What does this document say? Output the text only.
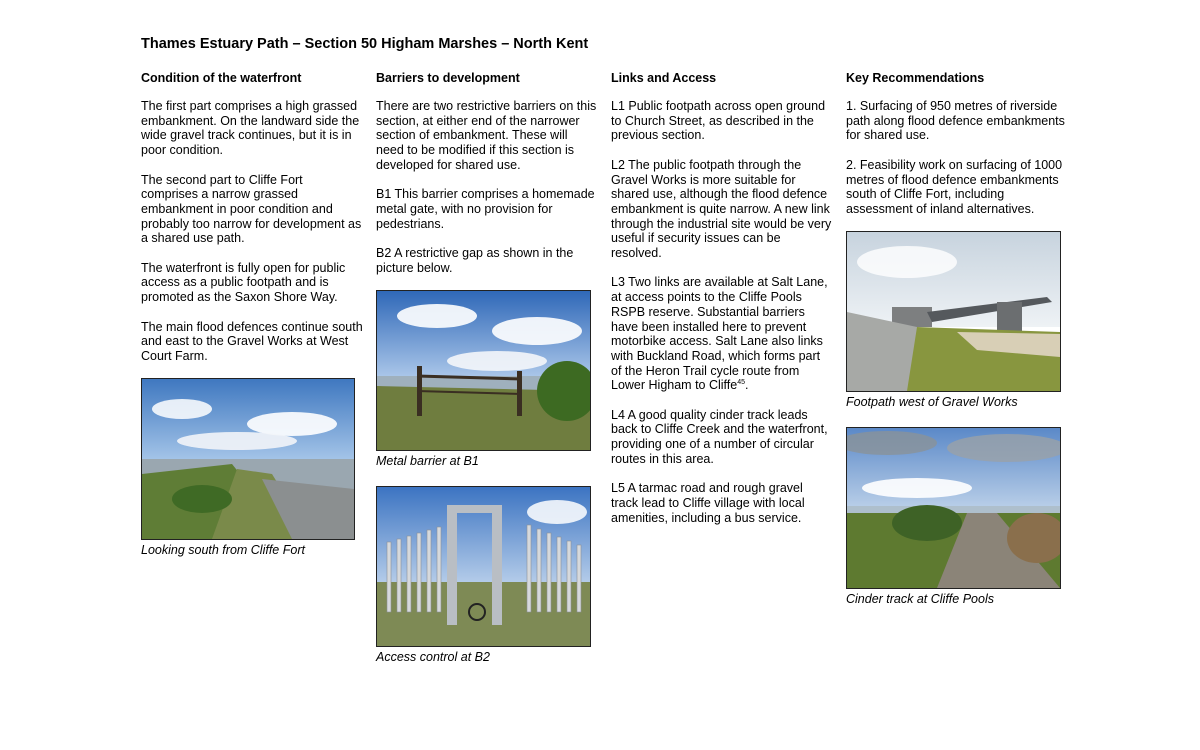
Thames Estuary Path – Section 50 Higham Marshes – North Kent
Condition of the waterfront

The first part comprises a high grassed embankment. On the landward side the wide gravel track continues, but it is in poor condition.

The second part to Cliffe Fort comprises a narrow grassed embankment in poor condition and probably too narrow for development as a shared use path.

The waterfront is fully open for public access as a public footpath and is promoted as the Saxon Shore Way.

The main flood defences continue south and east to the Gravel Works at West Court Farm.

Looking south from Cliffe Fort
Barriers to development

There are two restrictive barriers on this section, at either end of the narrower section of embankment. These will need to be modified if this section is developed for shared use.

B1 This barrier comprises a homemade metal gate, with no provision for pedestrians.

B2 A restrictive gap as shown in the picture below.

Metal barrier at B1
Access control at B2
Links and Access

L1 Public footpath across open ground to Church Street, as described in the previous section.

L2 The public footpath through the Gravel Works is more suitable for shared use, although the flood defence embankment is quite narrow. A new link through the industrial site would be very useful if security issues can be resolved.

L3 Two links are available at Salt Lane, at access points to the Cliffe Pools RSPB reserve. Substantial barriers have been installed here to prevent motorbike access. Salt Lane also links with Buckland Road, which forms part of the Heron Trail cycle route from Lower Higham to Cliffe$^{45}$.

L4 A good quality cinder track leads back to Cliffe Creek and the waterfront, providing one of a number of circular routes in this area.

L5 A tarmac road and rough gravel track lead to Cliffe village with local amenities, including a bus service.

Key Recommendations

1. Surfacing of 950 metres of riverside path along flood defence embankments for shared use.

2. Feasibility work on surfacing of 1000 metres of flood defence embankments south of Cliffe Fort, including assessment of inland alternatives.

Footpath west of Gravel Works
Cinder track at Cliffe Pools
